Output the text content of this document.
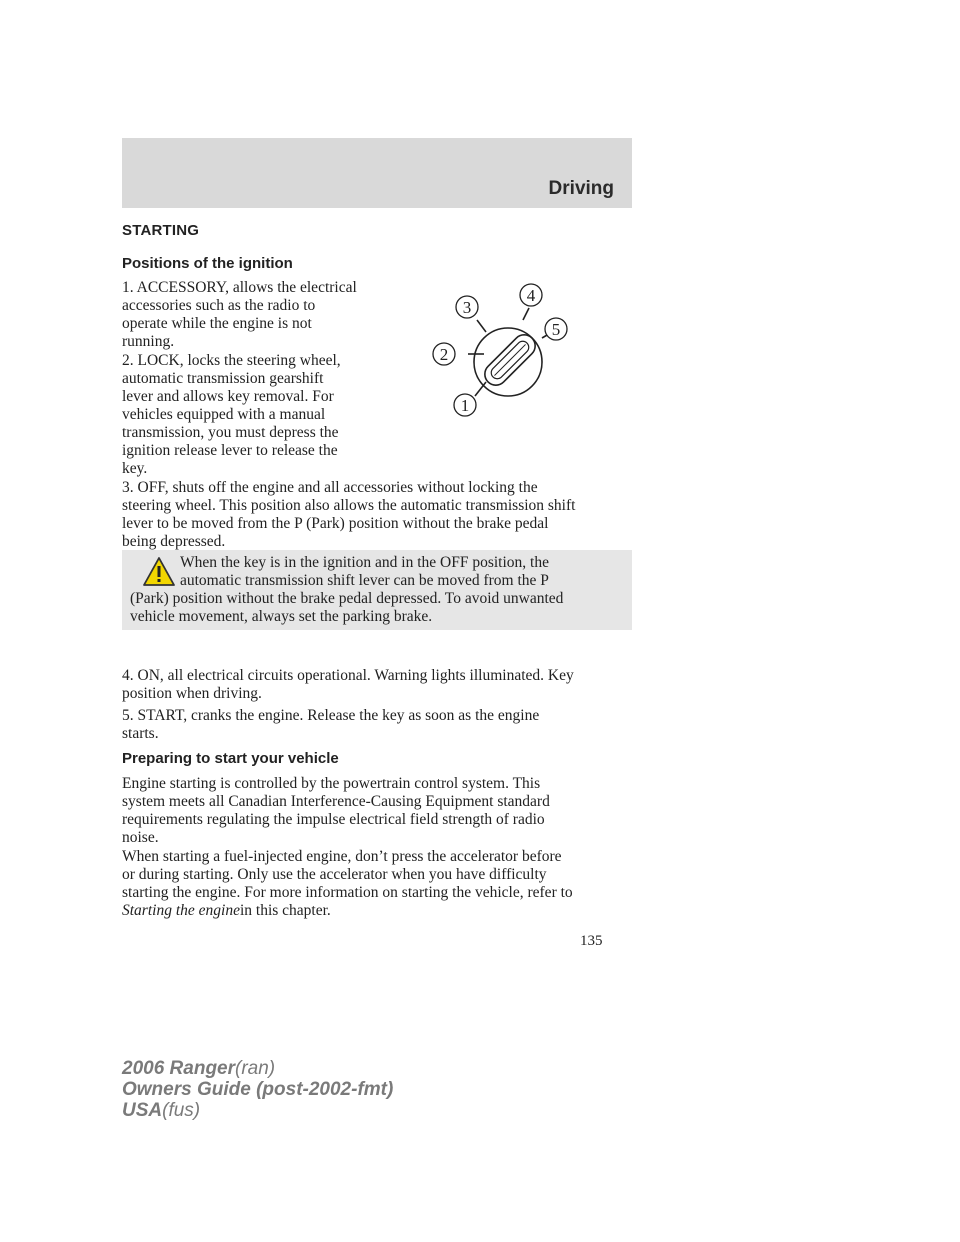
Driving
STARTING
Positions of the ignition
1. ACCESSORY, allows the electrical
accessories such as the radio to
operate while the engine is not
running.
2. LOCK, locks the steering wheel,
automatic transmission gearshift
lever and allows key removal. For
vehicles equipped with a manual
transmission, you must depress the
ignition release lever to release the
key.
3. OFF, shuts off the engine and all accessories without locking the
steering wheel. This position also allows the automatic transmission shift
lever to be moved from the P (Park) position without the brake pedal
being depressed.
1
2
3
4
5
When the key is in the ignition and in the OFF position, the
automatic transmission shift lever can be moved from the P
(Park) position without the brake pedal depressed. To avoid unwanted
vehicle movement, always set the parking brake.
4. ON, all electrical circuits operational. Warning lights illuminated. Key
position when driving.
5. START, cranks the engine. Release the key as soon as the engine
starts.
Preparing to start your vehicle
Engine starting is controlled by the powertrain control system. This
system meets all Canadian Interference-Causing Equipment standard
requirements regulating the impulse electrical field strength of radio
noise.
When starting a fuel-injected engine, don’t press the accelerator before
or during starting. Only use the accelerator when you have difficulty
starting the engine. For more information on starting the vehicle, refer to
Starting the enginein this chapter.
135
2006 Ranger(ran)
Owners Guide (post-2002-fmt)
USA(fus)
